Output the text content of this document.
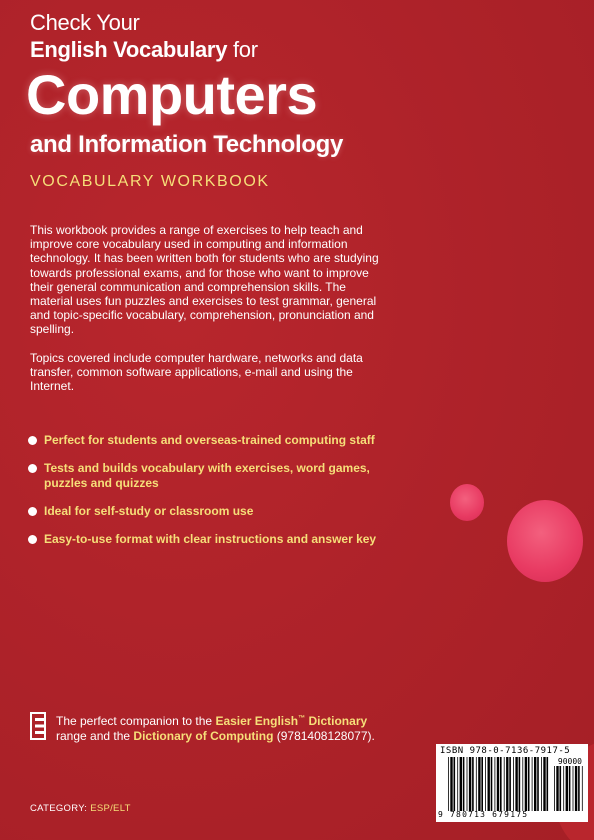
Check Your
English Vocabulary for
Computers
and Information Technology
VOCABULARY WORKBOOK

This workbook provides a range of exercises to help teach and improve core vocabulary used in computing and information technology. It has been written both for students who are studying towards professional exams, and for those who want to improve their general communication and comprehension skills. The material uses fun puzzles and exercises to test grammar, general and topic-specific vocabulary, comprehension, pronunciation and spelling.

Topics covered include computer hardware, networks and data transfer, common software applications, e-mail and using the Internet.

Perfect for students and overseas-trained computing staff
Tests and builds vocabulary with exercises, word games, puzzles and quizzes
Ideal for self-study or classroom use
Easy-to-use format with clear instructions and answer key
The perfect companion to the Easier English™ Dictionary
range and the Dictionary of Computing (9781408128077).
CATEGORY: ESP/ELT
ISBN 978-0-7136-7917-5
90000
9 780713 679175
